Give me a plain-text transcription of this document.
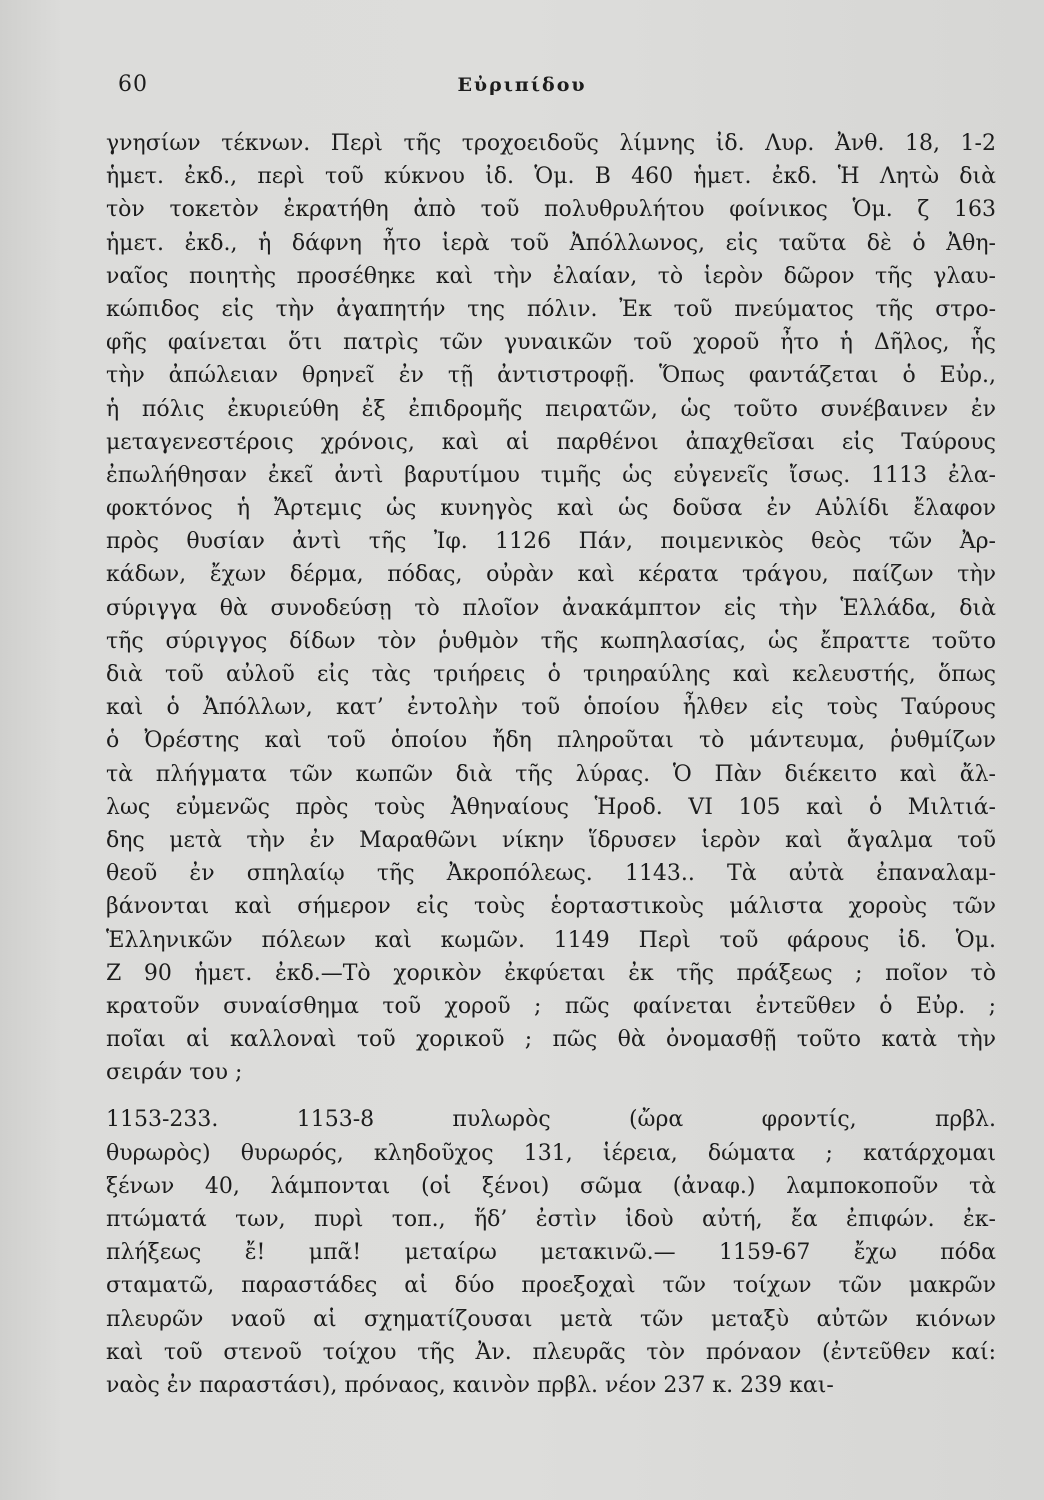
60	Εὐριπίδου
γνησίων τέκνων. Περὶ τῆς τροχοειδοῦς λίμνης ἰδ. Λυρ. Ἀνθ. 18, 1-2
ἡμετ. ἐκδ., περὶ τοῦ κύκνου ἰδ. Ὁμ. Β 460 ἡμετ. ἐκδ. Ἡ Λητὼ διὰ
τὸν τοκετὸν ἐκρατήθη ἀπὸ τοῦ πολυθρυλήτου φοίνικος Ὁμ. ζ 163
ἡμετ. ἐκδ., ἡ δάφνη ἦτο ἱερὰ τοῦ Ἀπόλλωνος, εἰς ταῦτα δὲ ὁ Ἀθη-
ναῖος ποιητὴς προσέθηκε καὶ τὴν ἐλαίαν, τὸ ἱερὸν δῶρον τῆς γλαυ-
κώπιδος εἰς τὴν ἀγαπητήν της πόλιν. Ἐκ τοῦ πνεύματος τῆς στρο-
φῆς φαίνεται ὅτι πατρὶς τῶν γυναικῶν τοῦ χοροῦ ἦτο ἡ Δῆλος, ἧς
τὴν ἀπώλειαν θρηνεῖ ἐν τῇ ἀντιστροφῇ. Ὅπως φαντάζεται ὁ Εὐρ.,
ἡ πόλις ἐκυριεύθη ἐξ ἐπιδρομῆς πειρατῶν, ὡς τοῦτο συνέβαινεν ἐν
μεταγενεστέροις χρόνοις, καὶ αἱ παρθένοι ἀπαχθεῖσαι εἰς Ταύρους
ἐπωλήθησαν ἐκεῖ ἀντὶ βαρυτίμου τιμῆς ὡς εὐγενεῖς ἴσως. 1113 ἐλα-
φοκτόνος ἡ Ἄρτεμις ὡς κυνηγὸς καὶ ὡς δοῦσα ἐν Αὐλίδι ἔλαφον
πρὸς θυσίαν ἀντὶ τῆς Ἰφ. 1126 Πάν, ποιμενικὸς θεὸς τῶν Ἀρ-
κάδων, ἔχων δέρμα, πόδας, οὐρὰν καὶ κέρατα τράγου, παίζων τὴν
σύριγγα θὰ συνοδεύσῃ τὸ πλοῖον ἀνακάμπτον εἰς τὴν Ἑλλάδα, διὰ
τῆς σύριγγος δίδων τὸν ῥυθμὸν τῆς κωπηλασίας, ὡς ἔπραττε τοῦτο
διὰ τοῦ αὐλοῦ εἰς τὰς τριήρεις ὁ τριηραύλης καὶ κελευστής, ὅπως
καὶ ὁ Ἀπόλλων, κατ’ ἐντολὴν τοῦ ὁποίου ἦλθεν εἰς τοὺς Ταύρους
ὁ Ὀρέστης καὶ τοῦ ὁποίου ἤδη πληροῦται τὸ μάντευμα, ῥυθμίζων
τὰ πλήγματα τῶν κωπῶν διὰ τῆς λύρας. Ὁ Πὰν διέκειτο καὶ ἄλ-
λως εὐμενῶς πρὸς τοὺς Ἀθηναίους Ἡροδ. VI 105 καὶ ὁ Μιλτιά-
δης μετὰ τὴν ἐν Μαραθῶνι νίκην ἵδρυσεν ἱερὸν καὶ ἄγαλμα τοῦ
θεοῦ ἐν σπηλαίῳ τῆς Ἀκροπόλεως. 1143.. Τὰ αὐτὰ ἐπαναλαμ-
βάνονται καὶ σήμερον εἰς τοὺς ἑορταστικοὺς μάλιστα χοροὺς τῶν
Ἑλληνικῶν πόλεων καὶ κωμῶν. 1149 Περὶ τοῦ φάρους ἰδ. Ὁμ.
Ζ 90 ἡμετ. ἐκδ.—Τὸ χορικὸν ἐκφύεται ἐκ τῆς πράξεως ; ποῖον τὸ
κρατοῦν συναίσθημα τοῦ χοροῦ ; πῶς φαίνεται ἐντεῦθεν ὁ Εὐρ. ;
ποῖαι αἱ καλλοναὶ τοῦ χορικοῦ ; πῶς θὰ ὀνομασθῇ τοῦτο κατὰ τὴν
σειράν του ;
1153-233. 1153-8 πυλωρὸς (ὤρα φροντίς, πρβλ.
θυρωρὸς) θυρωρός, κληδοῦχος 131, ἱέρεια, δώματα ; κατάρχομαι
ξένων 40, λάμπονται (οἱ ξένοι) σῶμα (ἀναφ.) λαμποκοποῦν τὰ
πτώματά των, πυρὶ τοπ., ἥδ’ ἐστὶν ἰδοὺ αὐτή, ἔα ἐπιφών. ἐκ-
πλήξεως ἔ! μπᾶ! μεταίρω μετακινῶ.— 1159-67 ἔχω πόδα
σταματῶ, παραστάδες αἱ δύο προεξοχαὶ τῶν τοίχων τῶν μακρῶν
πλευρῶν ναοῦ αἱ σχηματίζουσαι μετὰ τῶν μεταξὺ αὐτῶν κιόνων
καὶ τοῦ στενοῦ τοίχου τῆς Ἀν. πλευρᾶς τὸν πρόναον (ἐντεῦθεν καί:
ναὸς ἐν παραστάσι), πρόναος, καινὸν πρβλ. νέον 237 κ. 239 και-
